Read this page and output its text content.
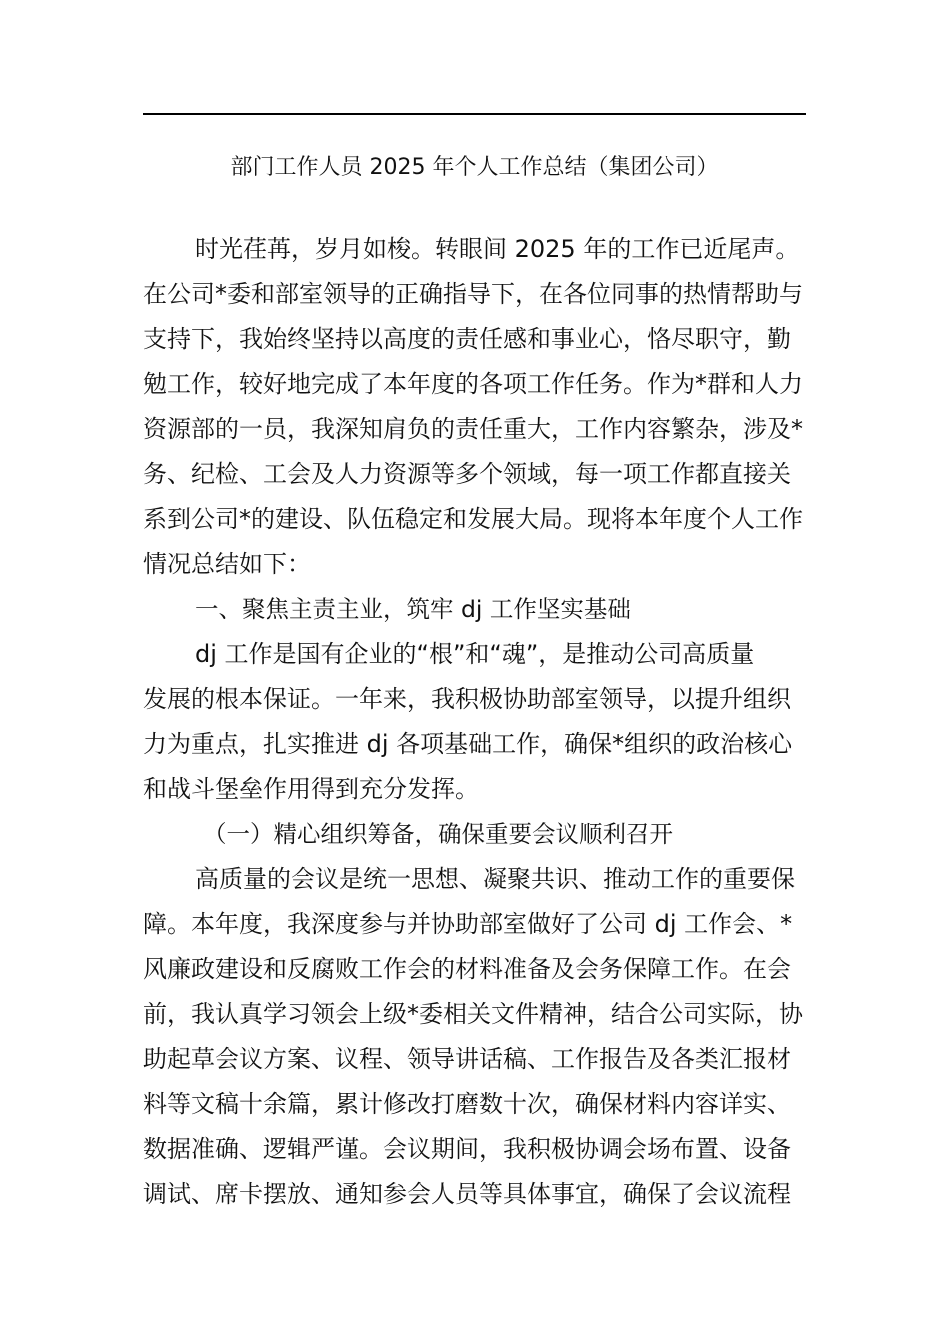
部门工作人员 2025 年个人工作总结（集团公司）
时光荏苒，岁月如梭。转眼间 2025 年的工作已近尾声。
在公司*委和部室领导的正确指导下，在各位同事的热情帮助与
支持下，我始终坚持以高度的责任感和事业心，恪尽职守，勤
勉工作，较好地完成了本年度的各项工作任务。作为*群和人力
资源部的一员，我深知肩负的责任重大，工作内容繁杂，涉及*
务、纪检、工会及人力资源等多个领域，每一项工作都直接关
系到公司*的建设、队伍稳定和发展大局。现将本年度个人工作
情况总结如下：
一、聚焦主责主业，筑牢 dj 工作坚实基础
dj 工作是国有企业的“根”和“魂”，是推动公司高质量
发展的根本保证。一年来，我积极协助部室领导，以提升组织
力为重点，扎实推进 dj 各项基础工作，确保*组织的政治核心
和战斗堡垒作用得到充分发挥。
（一）精心组织筹备，确保重要会议顺利召开
高质量的会议是统一思想、凝聚共识、推动工作的重要保
障。本年度，我深度参与并协助部室做好了公司 dj 工作会、*
风廉政建设和反腐败工作会的材料准备及会务保障工作。在会
前，我认真学习领会上级*委相关文件精神，结合公司实际，协
助起草会议方案、议程、领导讲话稿、工作报告及各类汇报材
料等文稿十余篇，累计修改打磨数十次，确保材料内容详实、
数据准确、逻辑严谨。会议期间，我积极协调会场布置、设备
调试、席卡摆放、通知参会人员等具体事宜，确保了会议流程
